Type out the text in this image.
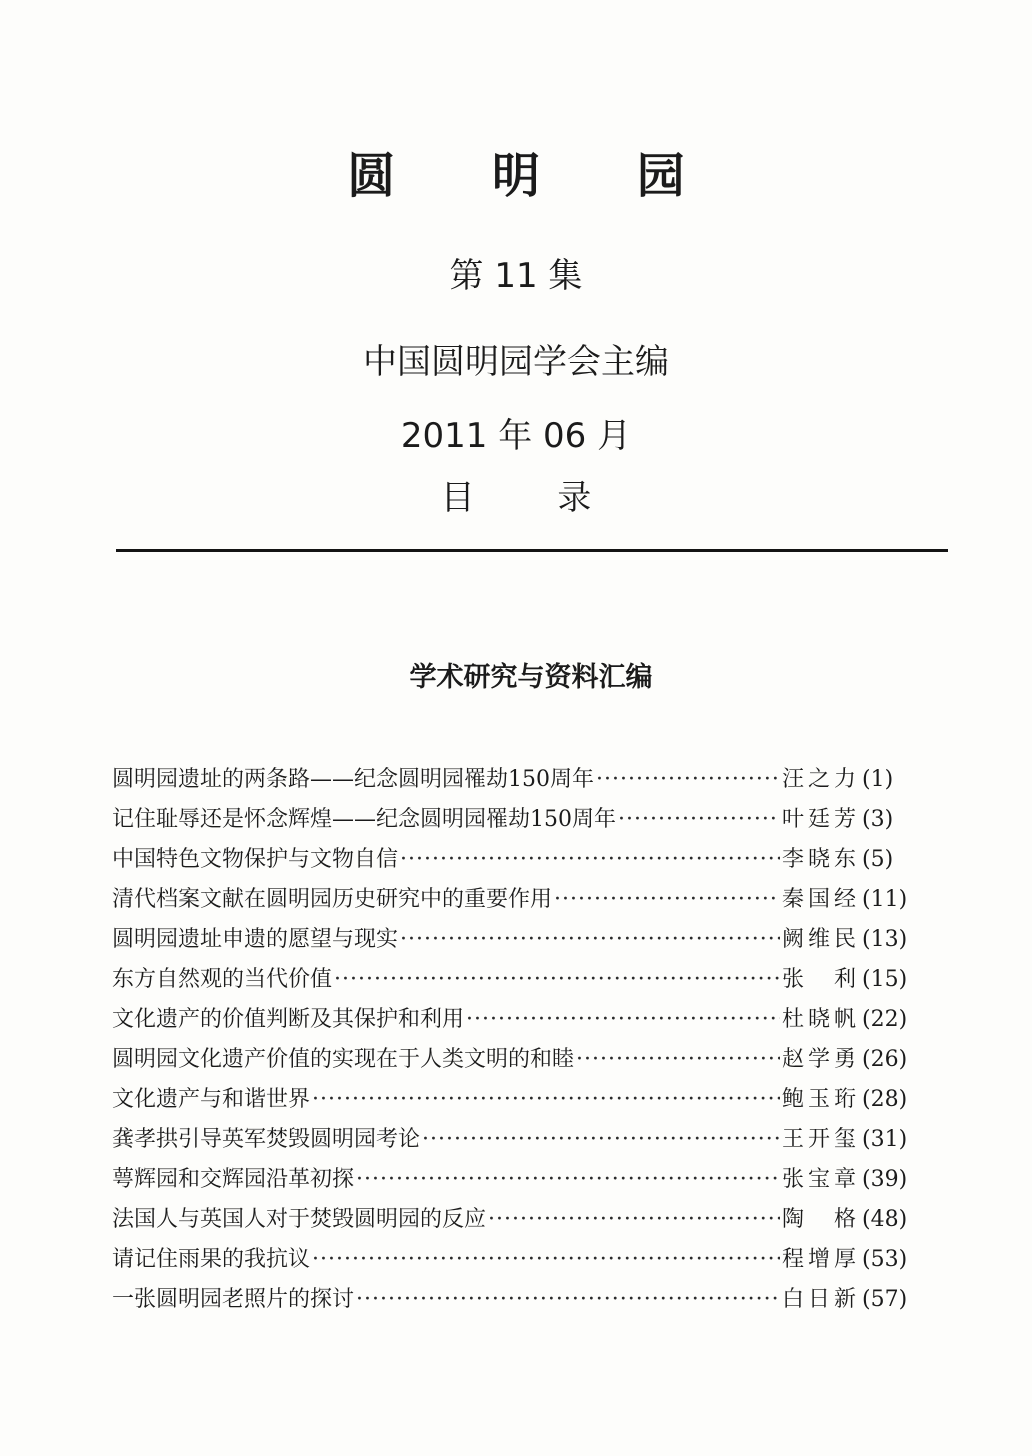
圆 明 园
第 11 集
中国圆明园学会主编
2011 年 06 月
目 录
学术研究与资料汇编
圆明园遗址的两条路——纪念圆明园罹劫150周年 ·····	汪之力 (1)
记住耻辱还是怀念辉煌——纪念圆明园罹劫150周年 ·····	叶廷芳 (3)
中国特色文物保护与文物自信 ·····	李晓东 (5)
清代档案文献在圆明园历史研究中的重要作用 ·····	秦国经 (11)
圆明园遗址申遗的愿望与现实 ·····	阙维民 (13)
东方自然观的当代价值 ·····	张 利 (15)
文化遗产的价值判断及其保护和利用 ·····	杜晓帆 (22)
圆明园文化遗产价值的实现在于人类文明的和睦 ·····	赵学勇 (26)
文化遗产与和谐世界 ·····	鲍玉珩 (28)
龚孝拱引导英军焚毁圆明园考论 ·····	王开玺 (31)
萼辉园和交辉园沿革初探 ·····	张宝章 (39)
法国人与英国人对于焚毁圆明园的反应 ·····	陶 格 (48)
请记住雨果的我抗议 ·····	程增厚 (53)
一张圆明园老照片的探讨 ·····	白日新 (57)
